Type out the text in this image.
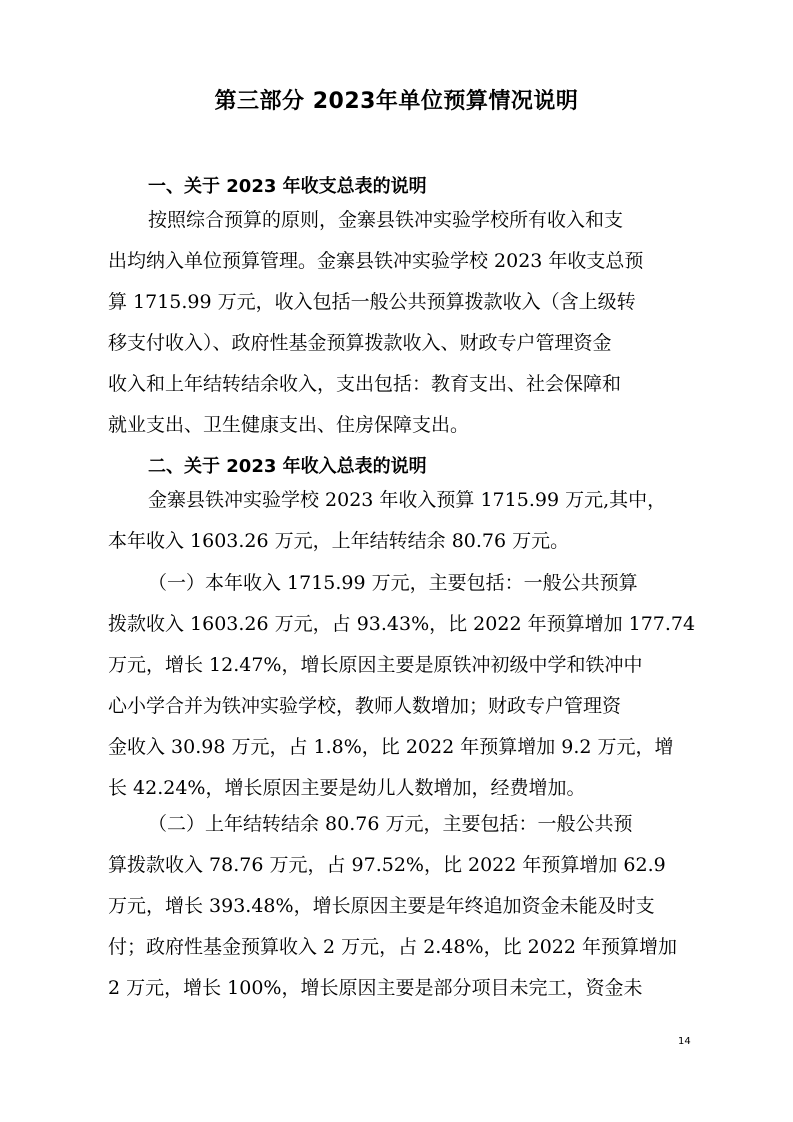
第三部分 2023年单位预算情况说明
一、关于 2023 年收支总表的说明
按照综合预算的原则，金寨县铁冲实验学校所有收入和支
出均纳入单位预算管理。金寨县铁冲实验学校 2023 年收支总预
算 1715.99 万元，收入包括一般公共预算拨款收入（含上级转
移支付收入）、政府性基金预算拨款收入、财政专户管理资金
收入和上年结转结余收入，支出包括：教育支出、社会保障和
就业支出、卫生健康支出、住房保障支出。
二、关于 2023 年收入总表的说明
金寨县铁冲实验学校 2023 年收入预算 1715.99 万元,其中，
本年收入 1603.26 万元，上年结转结余 80.76 万元。
（一）本年收入 1715.99 万元，主要包括：一般公共预算
拨款收入 1603.26 万元，占 93.43%，比 2022 年预算增加 177.74
万元，增长 12.47%，增长原因主要是原铁冲初级中学和铁冲中
心小学合并为铁冲实验学校，教师人数增加；财政专户管理资
金收入 30.98 万元，占 1.8%，比 2022 年预算增加 9.2 万元，增
长 42.24%，增长原因主要是幼儿人数增加，经费增加。
（二）上年结转结余 80.76 万元，主要包括：一般公共预
算拨款收入 78.76 万元，占 97.52%，比 2022 年预算增加 62.9
万元，增长 393.48%，增长原因主要是年终追加资金未能及时支
付；政府性基金预算收入 2 万元，占 2.48%，比 2022 年预算增加
2 万元，增长 100%，增长原因主要是部分项目未完工，资金未
14
